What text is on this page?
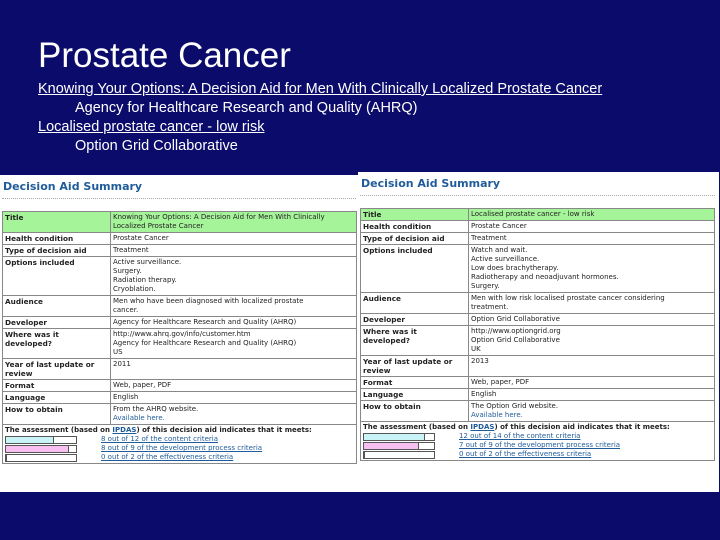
Prostate Cancer
Knowing Your Options: A Decision Aid for Men With Clinically Localized Prostate Cancer
Agency for Healthcare Research and Quality (AHRQ)
Localised prostate cancer - low risk
Option Grid Collaborative
Decision Aid Summary
Title	Knowing Your Options: A Decision Aid for Men With Clinically
Localized Prostate Cancer

Health condition	Prostate Cancer

Type of decision aid	Treatment

Options included	Active surveillance.
Surgery.
Radiation therapy.
Cryoblation.

Audience	Men who have been diagnosed with localized prostate
cancer.

Developer	Agency for Healthcare Research and Quality (AHRQ)

Where was it developed?	http://www.ahrq.gov/info/customer.htm
Agency for Healthcare Research and Quality (AHRQ)
US

Year of last update or review	2011

Format	Web, paper, PDF

Language	English

How to obtain	From the AHRQ website.
Available here.

The assessment (based on IPDAS) of this decision aid indicates that it meets:
8 out of 12 of the content criteria
8 out of 9 of the development process criteria
0 out of 2 of the effectiveness criteria	
Decision Aid Summary
Title	Localised prostate cancer - low risk

Health condition	Prostate Cancer

Type of decision aid	Treatment

Options included	Watch and wait.
Active surveillance.
Low does brachytherapy.
Radiotherapy and neoadjuvant hormones.
Surgery.

Audience	Men with low risk localised prostate cancer considering
treatment.

Developer	Option Grid Collaborative

Where was it developed?	http://www.optiongrid.org
Option Grid Collaborative
UK

Year of last update or review	2013

Format	Web, paper, PDF

Language	English

How to obtain	The Option Grid website.
Available here.

The assessment (based on IPDAS) of this decision aid indicates that it meets:
12 out of 14 of the content criteria
7 out of 9 of the development process criteria
0 out of 2 of the effectiveness criteria	
